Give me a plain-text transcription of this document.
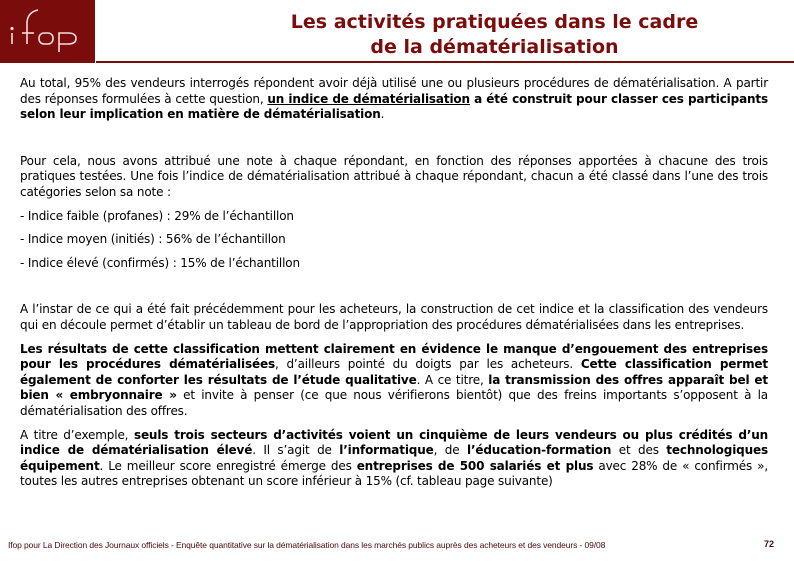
Les activités pratiquées dans le cadre
de la dématérialisation

Au total, 95% des vendeurs interrogés répondent avoir déjà utilisé une ou plusieurs procédures de dématérialisation. A partir des réponses formulées à cette question, un indice de dématérialisation a été construit pour classer ces participants selon leur implication en matière de dématérialisation.

Pour cela, nous avons attribué une note à chaque répondant, en fonction des réponses apportées à chacune des trois pratiques testées. Une fois l’indice de dématérialisation attribué à chaque répondant, chacun a été classé dans l’une des trois catégories selon sa note :

- Indice faible (profanes) : 29% de l’échantillon

- Indice moyen (initiés) : 56% de l’échantillon

- Indice élevé (confirmés) : 15% de l’échantillon

A l’instar de ce qui a été fait précédemment pour les acheteurs, la construction de cet indice et la classification des vendeurs qui en découle permet d’établir un tableau de bord de l’appropriation des procédures dématérialisées dans les entreprises.

Les résultats de cette classification mettent clairement en évidence le manque d’engouement des entreprises pour les procédures dématérialisées, d’ailleurs pointé du doigts par les acheteurs. Cette classification permet également de conforter les résultats de l’étude qualitative. A ce titre, la transmission des offres apparaît bel et bien « embryonnaire » et invite à penser (ce que nous vérifierons bientôt) que des freins importants s’opposent à la dématérialisation des offres.

A titre d’exemple, seuls trois secteurs d’activités voient un cinquième de leurs vendeurs ou plus crédités d’un indice de dématérialisation élevé. Il s’agit de l’informatique, de l’éducation-formation et des technologiques équipement. Le meilleur score enregistré émerge des entreprises de 500 salariés et plus avec 28% de « confirmés », toutes les autres entreprises obtenant un score inférieur à 15% (cf. tableau page suivante)

Ifop pour La Direction des Journaux officiels - Enquête quantitative sur la dématérialisation dans les marchés publics auprès des acheteurs et des vendeurs - 09/08	72
